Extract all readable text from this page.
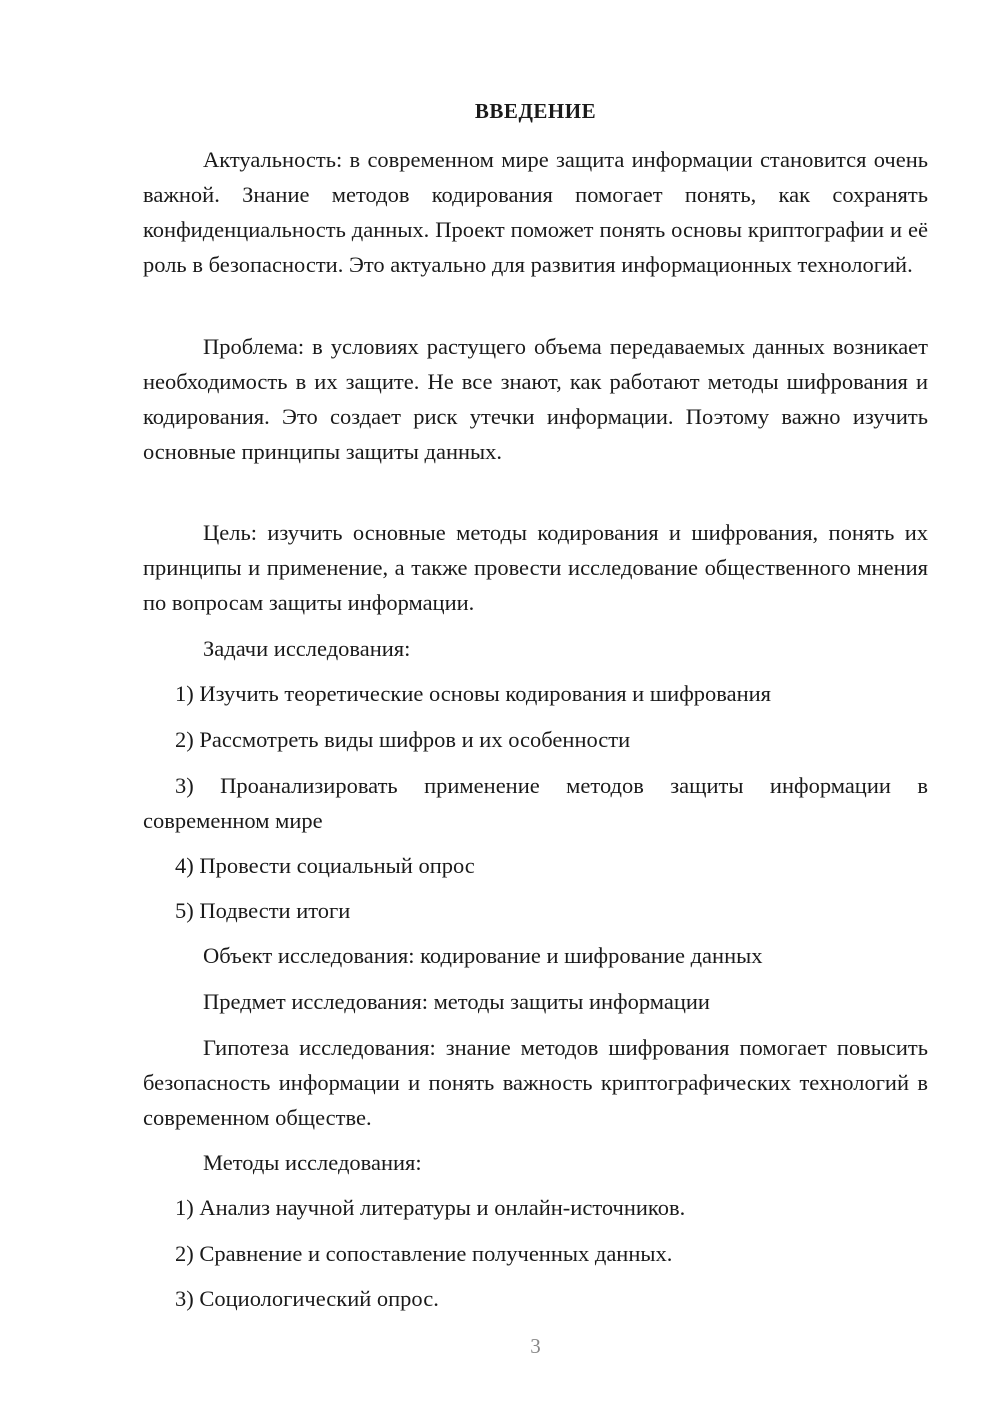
ВВЕДЕНИЕ

Актуальность: в современном мире защита информации становится очень важной. Знание методов кодирования помогает понять, как сохранять конфиденциальность данных. Проект поможет понять основы криптографии и её роль в безопасности. Это актуально для развития информационных технологий.

Проблема: в условиях растущего объема передаваемых данных возникает необходимость в их защите. Не все знают, как работают методы шифрования и кодирования. Это создает риск утечки информации. Поэтому важно изучить основные принципы защиты данных.

Цель: изучить основные методы кодирования и шифрования, понять их принципы и применение, а также провести исследование общественного мнения по вопросам защиты информации.

Задачи исследования:

1) Изучить теоретические основы кодирования и шифрования

2) Рассмотреть виды шифров и их особенности

3) Проанализировать применение методов защиты информации в современном мире

4) Провести социальный опрос

5) Подвести итоги

Объект исследования: кодирование и шифрование данных

Предмет исследования: методы защиты информации

Гипотеза исследования: знание методов шифрования помогает повысить безопасность информации и понять важность криптографических технологий в современном обществе.

Методы исследования:

1) Анализ научной литературы и онлайн-источников.

2) Сравнение и сопоставление полученных данных.

3) Социологический опрос.

3
